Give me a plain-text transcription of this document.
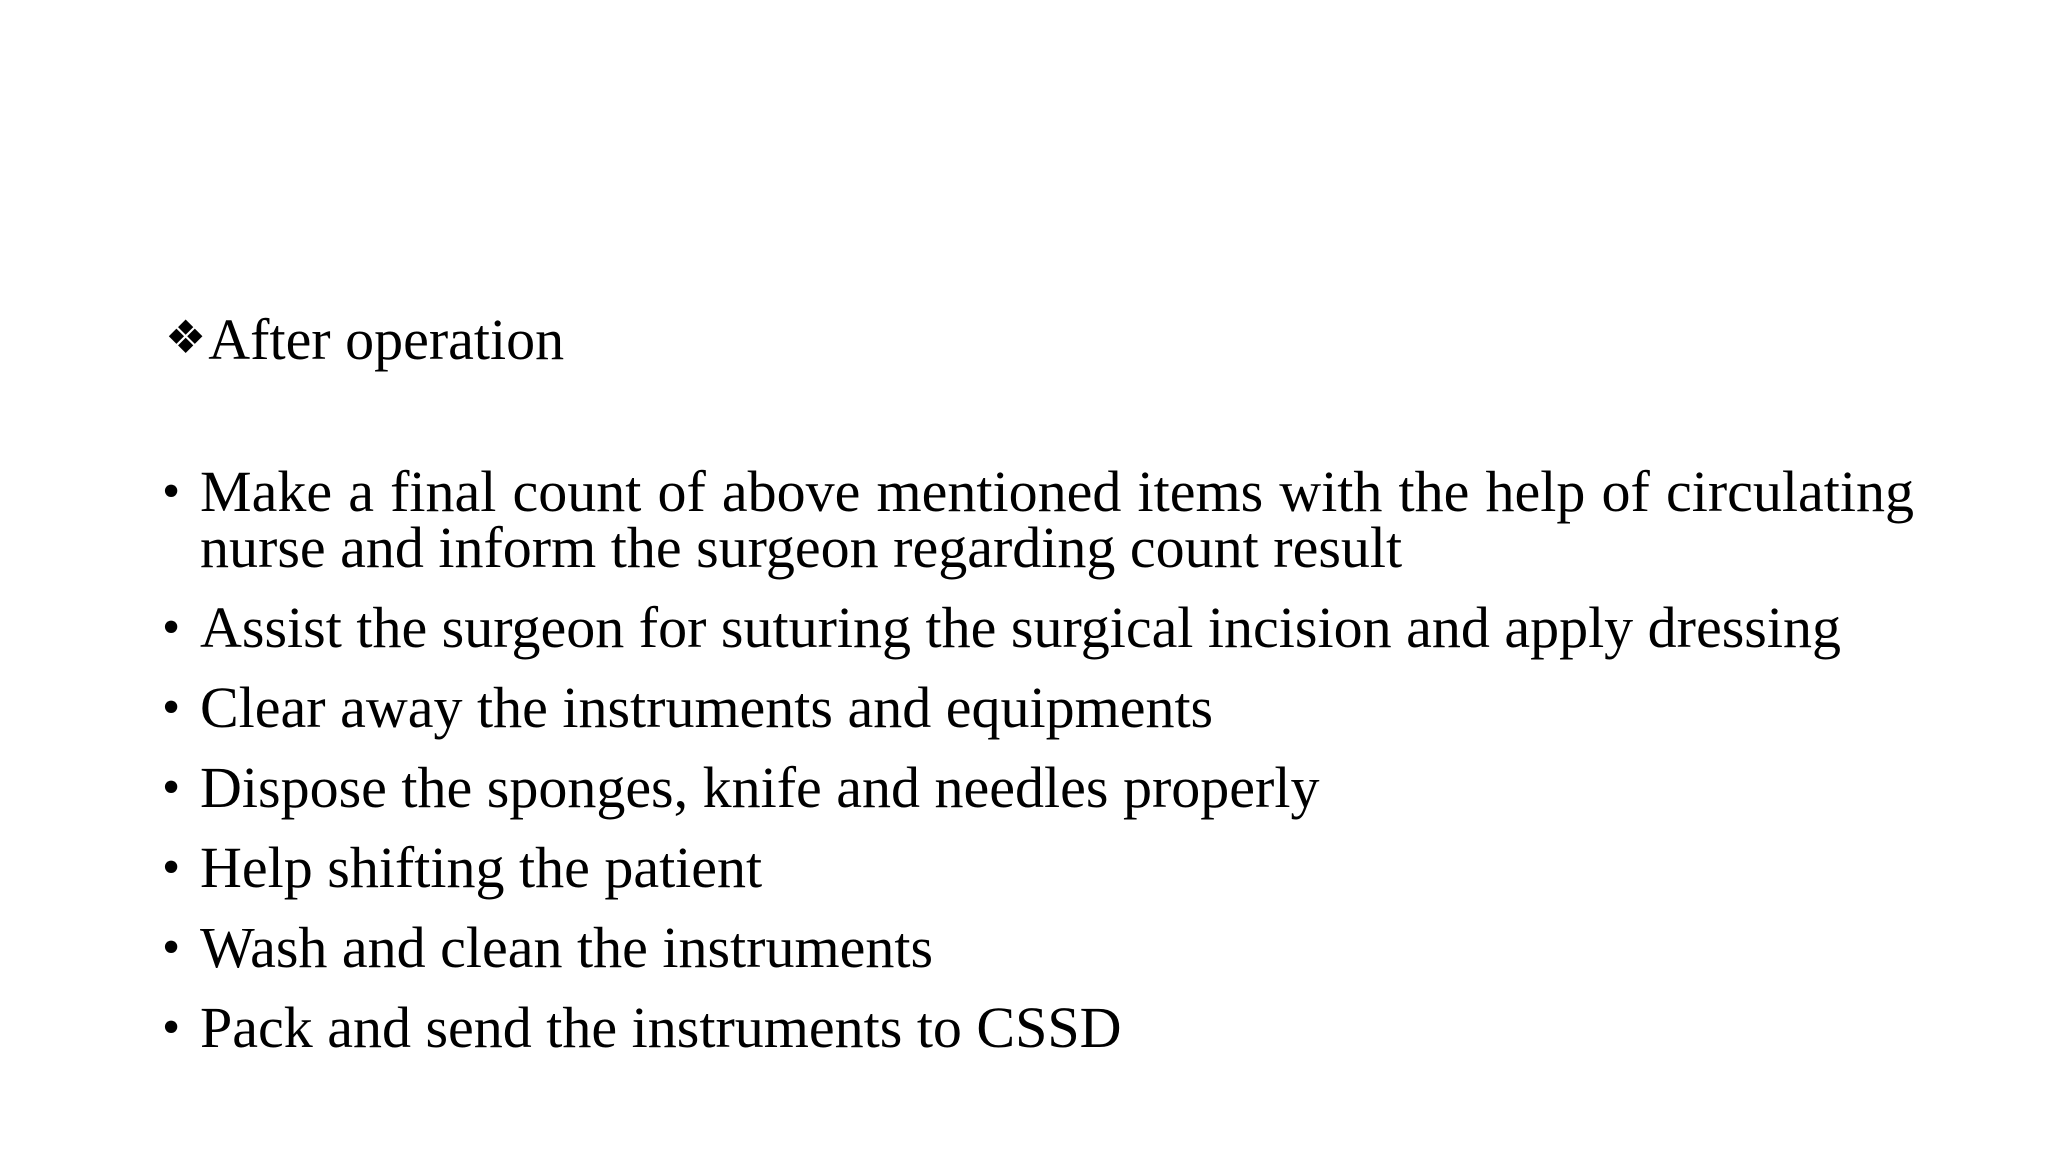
❖After operation
• Make a final count of above mentioned items with the help of circulating nurse and inform the surgeon regarding count result
• Assist the surgeon for suturing the surgical incision and apply dressing
• Clear away the instruments and equipments
• Dispose the sponges, knife and needles properly
• Help shifting the patient
• Wash and clean the instruments
• Pack and send the instruments to CSSD
